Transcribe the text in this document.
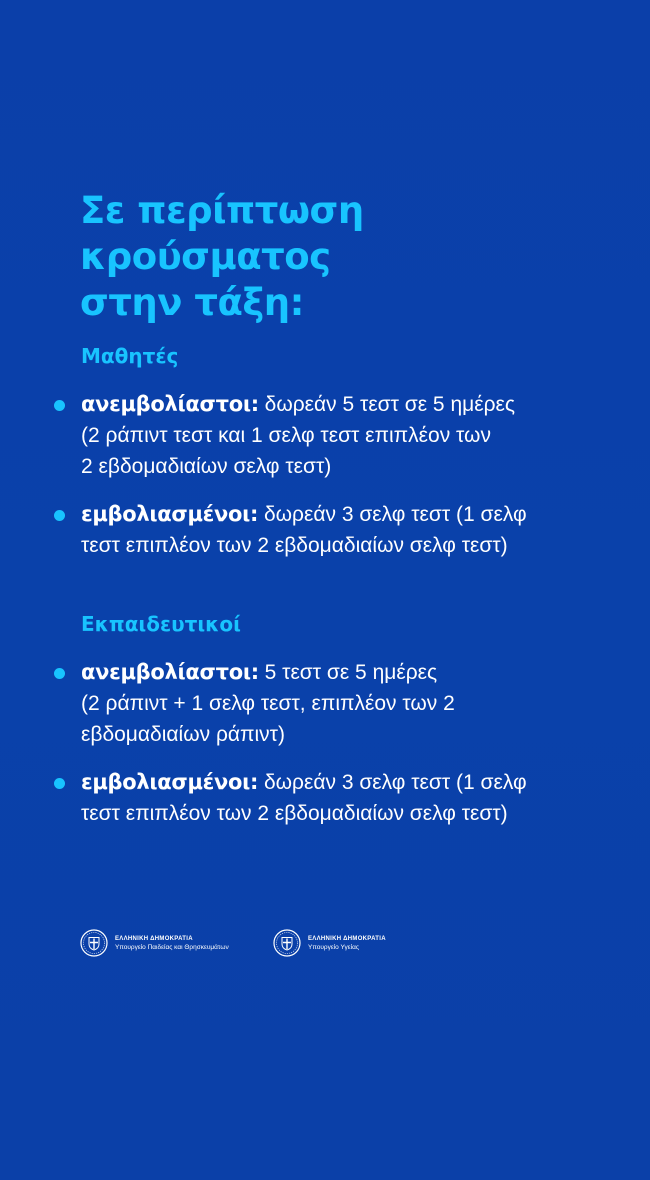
Σε περίπτωση κρούσματος
στην τάξη:
Μαθητές
ανεμβολίαστοι: δωρεάν 5 τεστ σε 5 ημέρες
(2 ράπιντ τεστ και 1 σελφ τεστ επιπλέον των
2 εβδομαδιαίων σελφ τεστ)
εμβολιασμένοι: δωρεάν 3 σελφ τεστ (1 σελφ
τεστ επιπλέον των 2 εβδομαδιαίων σελφ τεστ)
Εκπαιδευτικοί
ανεμβολίαστοι: 5 τεστ σε 5 ημέρες
(2 ράπιντ + 1 σελφ τεστ, επιπλέον των 2
εβδομαδιαίων ράπιντ)
εμβολιασμένοι: δωρεάν 3 σελφ τεστ (1 σελφ
τεστ επιπλέον των 2 εβδομαδιαίων σελφ τεστ)
ΕΛΛΗΝΙΚΗ ΔΗΜΟΚΡΑΤΙΑ
Υπουργείο Παιδείας και Θρησκευμάτων
ΕΛΛΗΝΙΚΗ ΔΗΜΟΚΡΑΤΙΑ
Υπουργείο Υγείας
